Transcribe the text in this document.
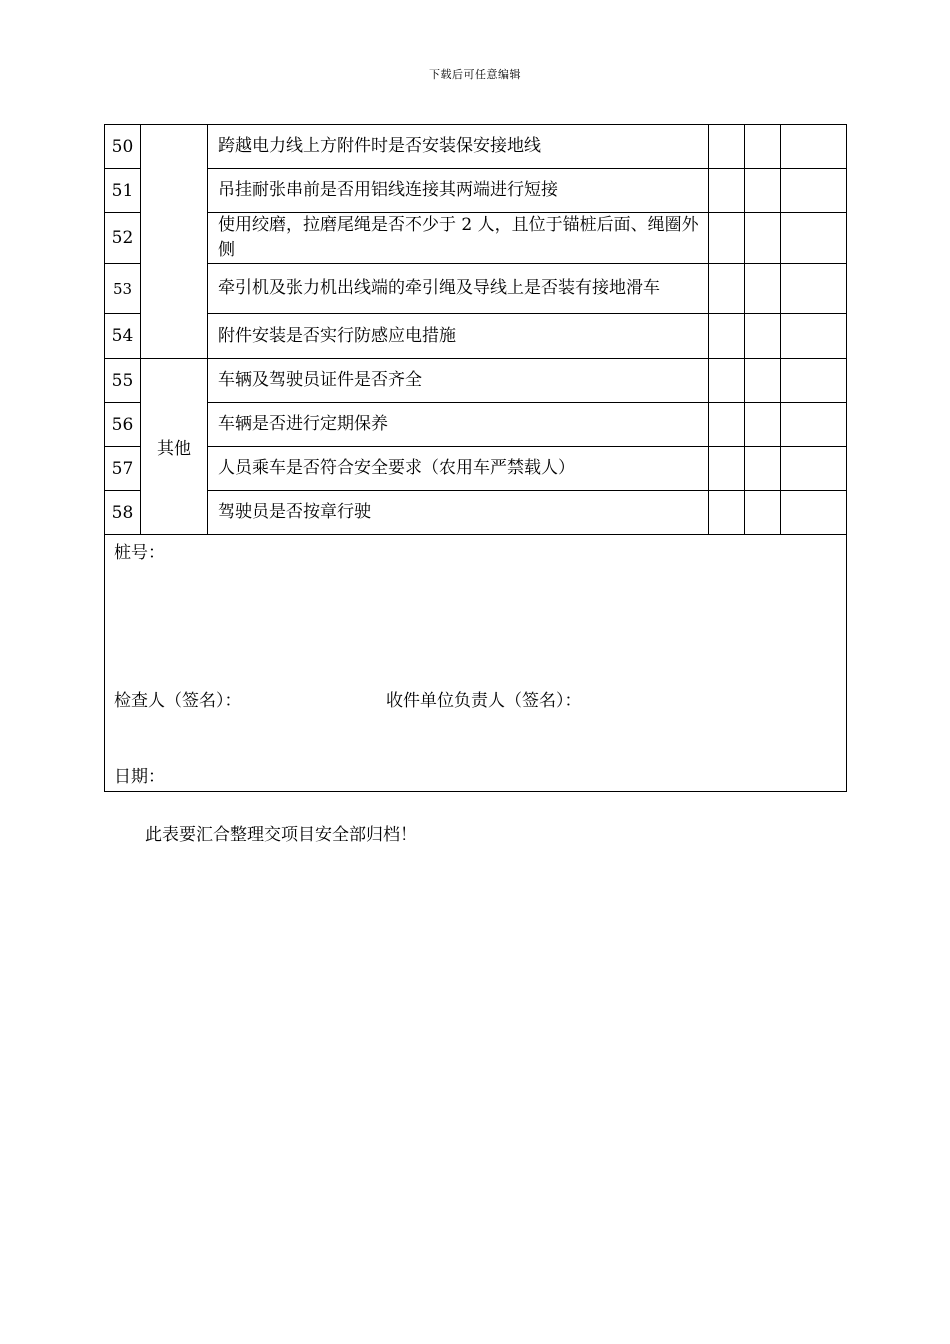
下载后可任意编辑
50		跨越电力线上方附件时是否安装保安接地线			
51		吊挂耐张串前是否用铝线连接其两端进行短接			
52		使用绞磨，拉磨尾绳是否不少于 2 人，且位于锚桩后面、绳圈外侧			
53		牵引机及张力机出线端的牵引绳及导线上是否装有接地滑车			
54		附件安装是否实行防感应电措施			
55	其他	车辆及驾驶员证件是否齐全			
56		车辆是否进行定期保养			
57		人员乘车是否符合安全要求（农用车严禁载人）			
58		驾驶员是否按章行驶			

桩号：
检查人（签名）： 收件单位负责人（签名）：
日期：					
此表要汇合整理交项目安全部归档！
